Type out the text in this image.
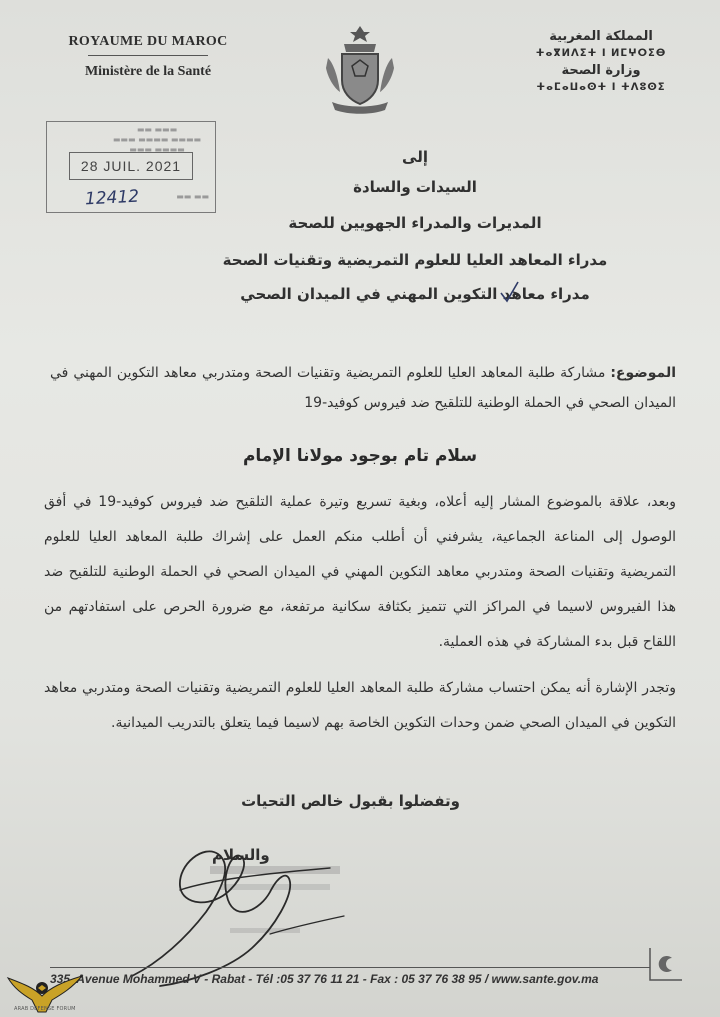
ROYAUME DU MAROC
Ministère de la Santé
المملكة المغربية
ⵜⴰⴳⵍⴷⵉⵜ ⵏ ⵍⵎⵖⵔⵉⴱ
وزارة الصحة
ⵜⴰⵎⴰⵡⴰⵙⵜ ⵏ ⵜⴷⵓⵙⵉ
▬▬▬ ▬▬
▬▬▬▬ ▬▬▬▬ ▬▬▬
▬▬▬▬ ▬▬▬
28 JUIL. 2021
12412	▬▬ ▬▬
إلى
السيدات والسادة
المديرات والمدراء الجهويين للصحة
مدراء المعاهد العليا للعلوم التمريضية وتقنيات الصحة
مدراء معاهد التكوين المهني في الميدان الصحي
الموضوع: مشاركة طلبة المعاهد العليا للعلوم التمريضية وتقنيات الصحة ومتدربي معاهد التكوين المهني في الميدان الصحي في الحملة الوطنية للتلقيح ضد فيروس كوفيد-19
سلام تام بوجود مولانا الإمام
وبعد، علاقة بالموضوع المشار إليه أعلاه، وبغية تسريع وتيرة عملية التلقيح ضد فيروس كوفيد-19 في أفق الوصول إلى المناعة الجماعية، يشرفني أن أطلب منكم العمل على إشراك طلبة المعاهد العليا للعلوم التمريضية وتقنيات الصحة ومتدربي معاهد التكوين المهني في الميدان الصحي في الحملة الوطنية للتلقيح ضد هذا الفيروس لاسيما في المراكز التي تتميز بكثافة سكانية مرتفعة، مع ضرورة الحرص على استفادتهم من اللقاح قبل بدء المشاركة في هذه العملية.
وتجدر الإشارة أنه يمكن احتساب مشاركة طلبة المعاهد العليا للعلوم التمريضية وتقنيات الصحة ومتدربي معاهد التكوين في الميدان الصحي ضمن وحدات التكوين الخاصة بهم لاسيما فيما يتعلق بالتدريب الميدانية.
وتفضلوا بقبول خالص التحيات
والسلام
335, Avenue Mohammed V - Rabat - Tél :05 37 76 11 21 - Fax : 05 37 76 38 95 / www.sante.gov.ma
ARAB DEFENSE FORUM
